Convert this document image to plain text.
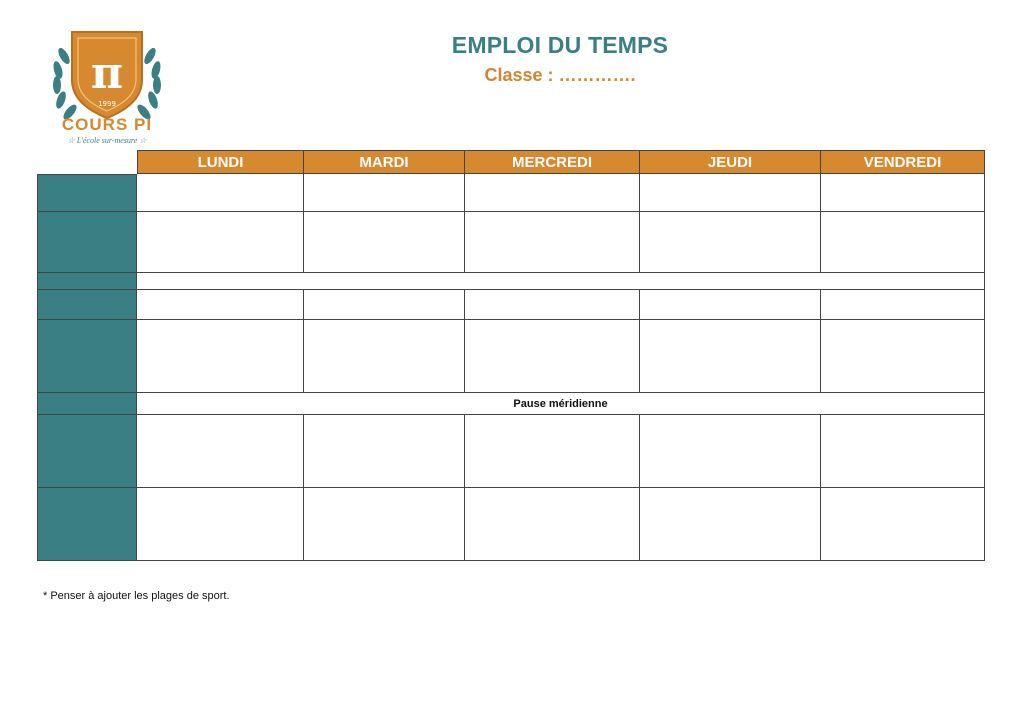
π
1999
COURS PI
☆ L'école sur-mesure ☆
EMPLOI DU TEMPS
Classe : ………….
LUNDI	MARDI	MERCREDI	JEUDI	VENDREDI
Pause méridienne
* Penser à ajouter les plages de sport.
